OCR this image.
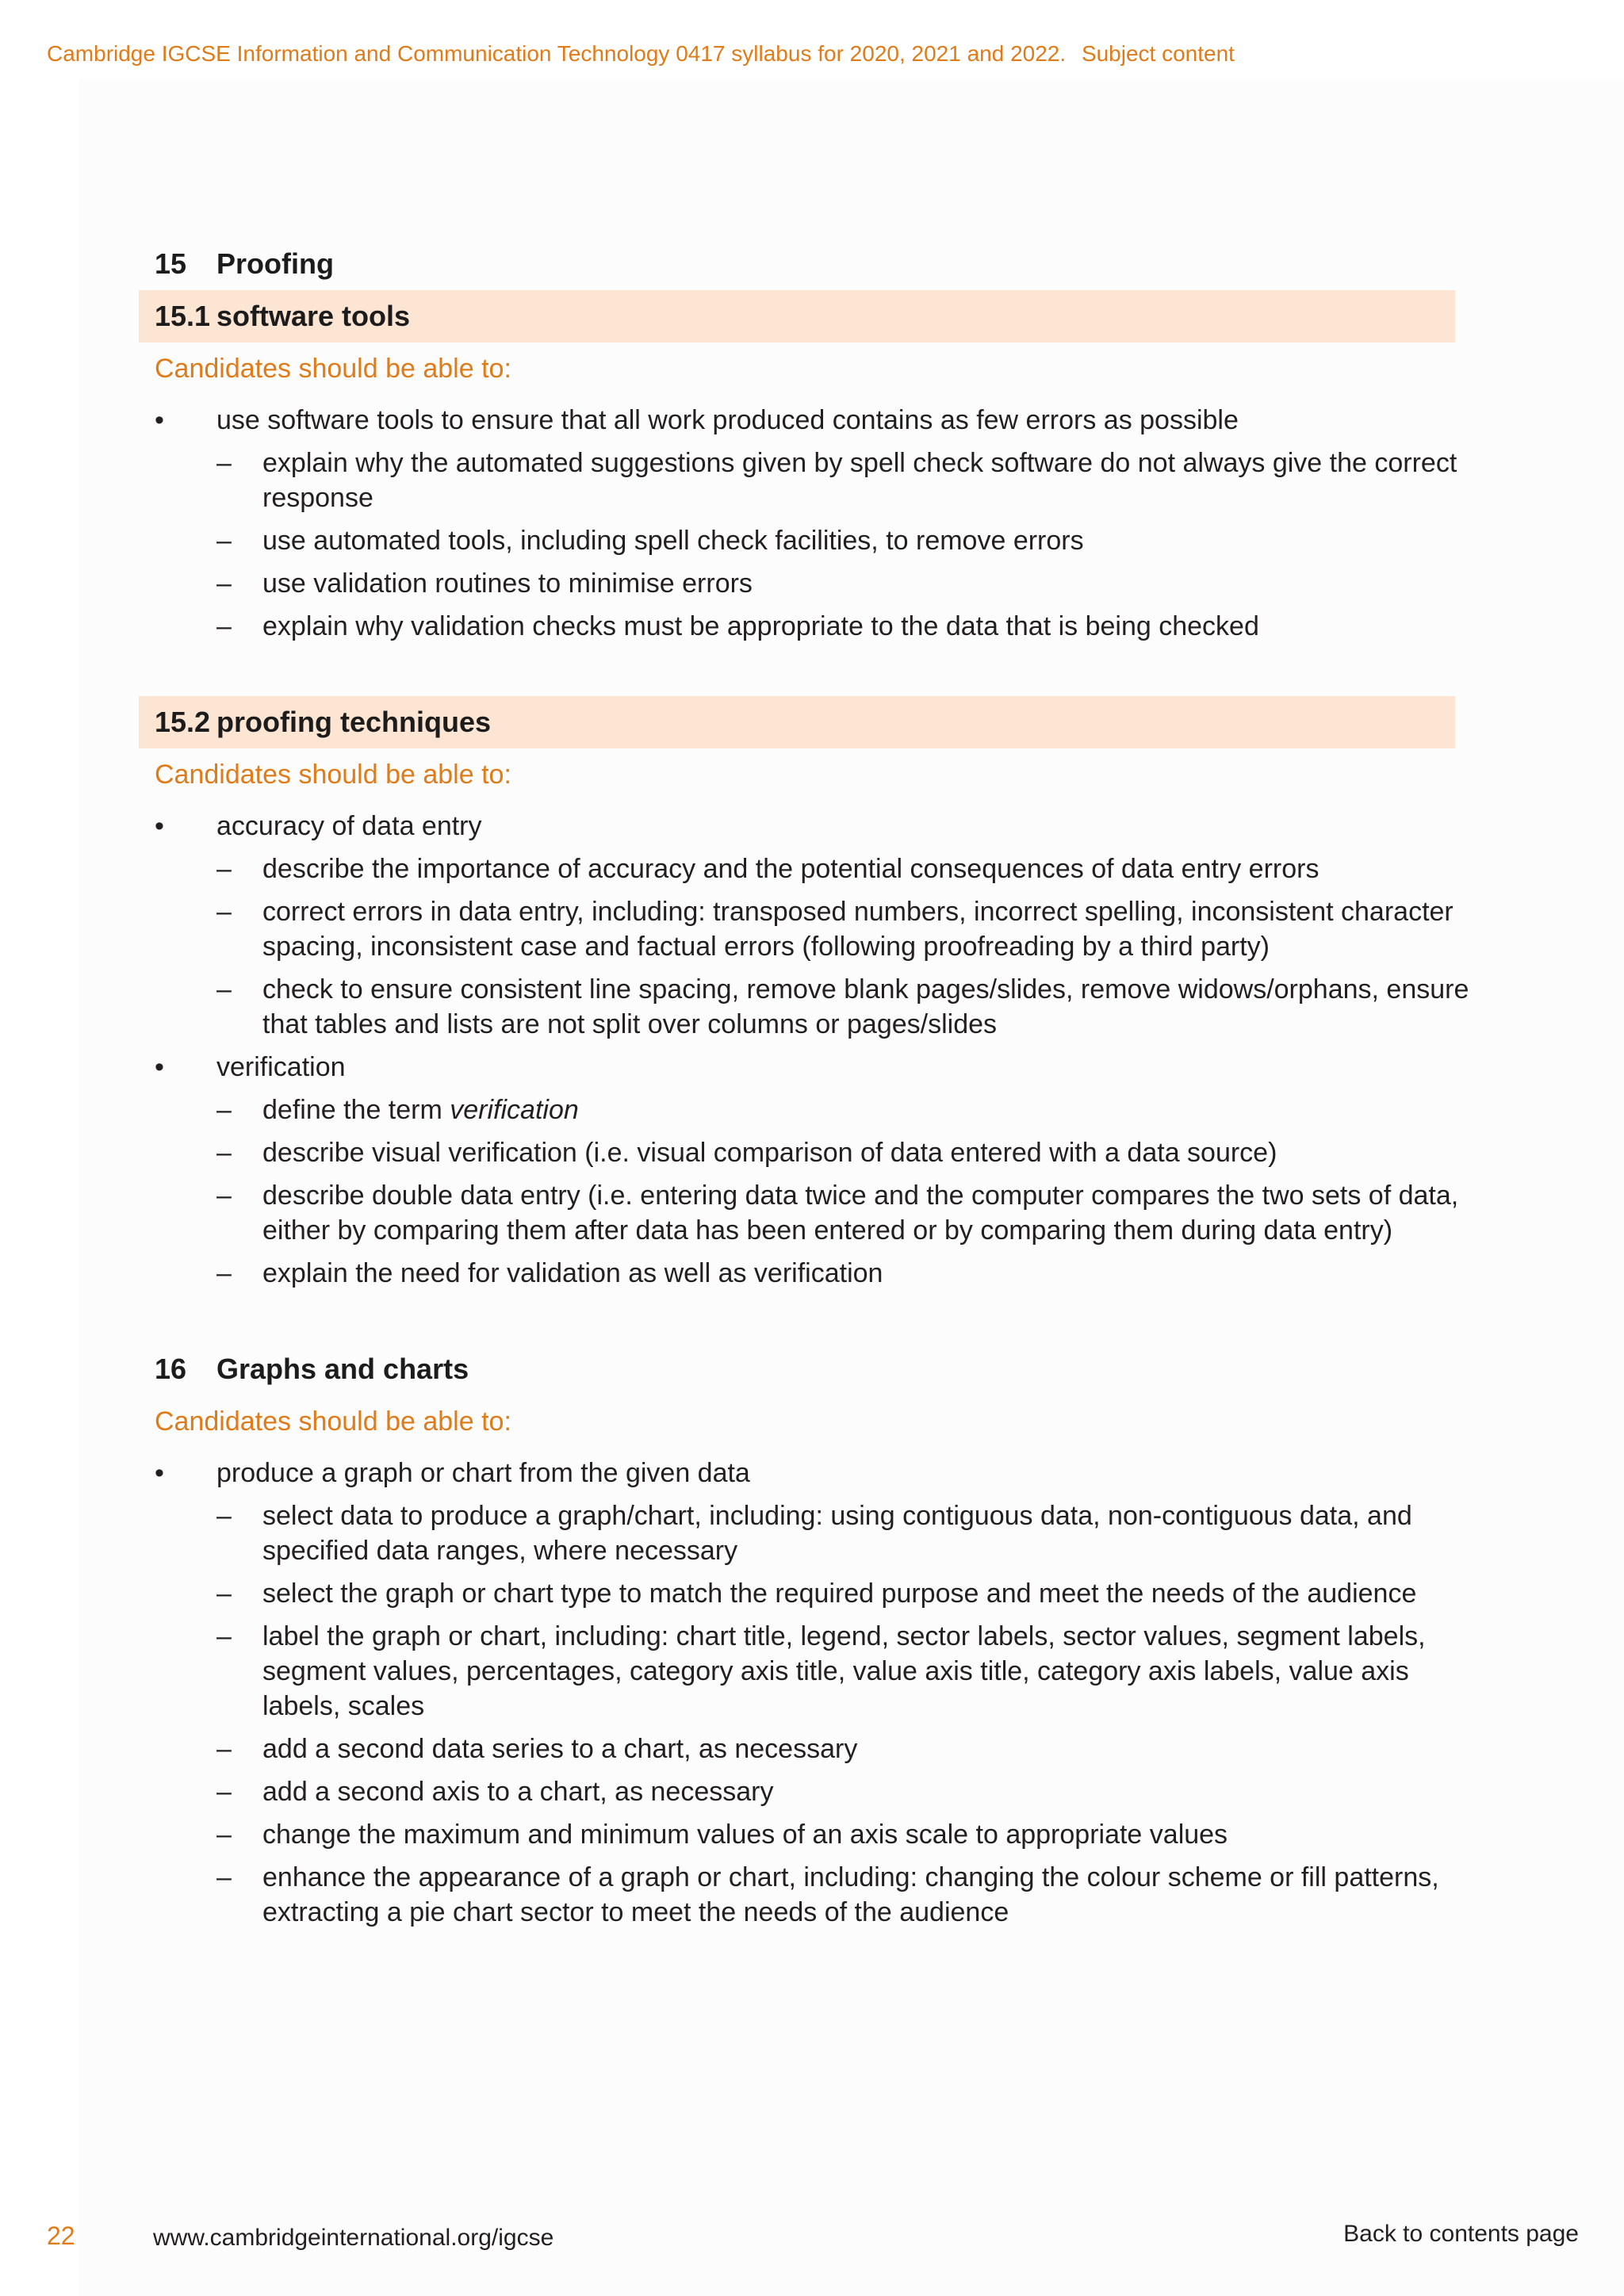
Cambridge IGCSE Information and Communication Technology 0417 syllabus for 2020, 2021 and 2022. Subject content
15	Proofing
15.1 software tools
Candidates should be able to:
• use software tools to ensure that all work produced contains as few errors as possible
– explain why the automated suggestions given by spell check software do not always give the correct response
– use automated tools, including spell check facilities, to remove errors
– use validation routines to minimise errors
– explain why validation checks must be appropriate to the data that is being checked
15.2 proofing techniques
Candidates should be able to:
• accuracy of data entry
– describe the importance of accuracy and the potential consequences of data entry errors
– correct errors in data entry, including: transposed numbers, incorrect spelling, inconsistent character spacing, inconsistent case and factual errors (following proofreading by a third party)
– check to ensure consistent line spacing, remove blank pages/slides, remove widows/orphans, ensure that tables and lists are not split over columns or pages/slides
• verification
– define the term verification
– describe visual verification (i.e. visual comparison of data entered with a data source)
– describe double data entry (i.e. entering data twice and the computer compares the two sets of data, either by comparing them after data has been entered or by comparing them during data entry)
– explain the need for validation as well as verification
16	Graphs and charts
Candidates should be able to:
• produce a graph or chart from the given data
– select data to produce a graph/chart, including: using contiguous data, non-contiguous data, and specified data ranges, where necessary
– select the graph or chart type to match the required purpose and meet the needs of the audience
– label the graph or chart, including: chart title, legend, sector labels, sector values, segment labels, segment values, percentages, category axis title, value axis title, category axis labels, value axis labels, scales
– add a second data series to a chart, as necessary
– add a second axis to a chart, as necessary
– change the maximum and minimum values of an axis scale to appropriate values
– enhance the appearance of a graph or chart, including: changing the colour scheme or fill patterns, extracting a pie chart sector to meet the needs of the audience
22	www.cambridgeinternational.org/igcse	Back to contents page
